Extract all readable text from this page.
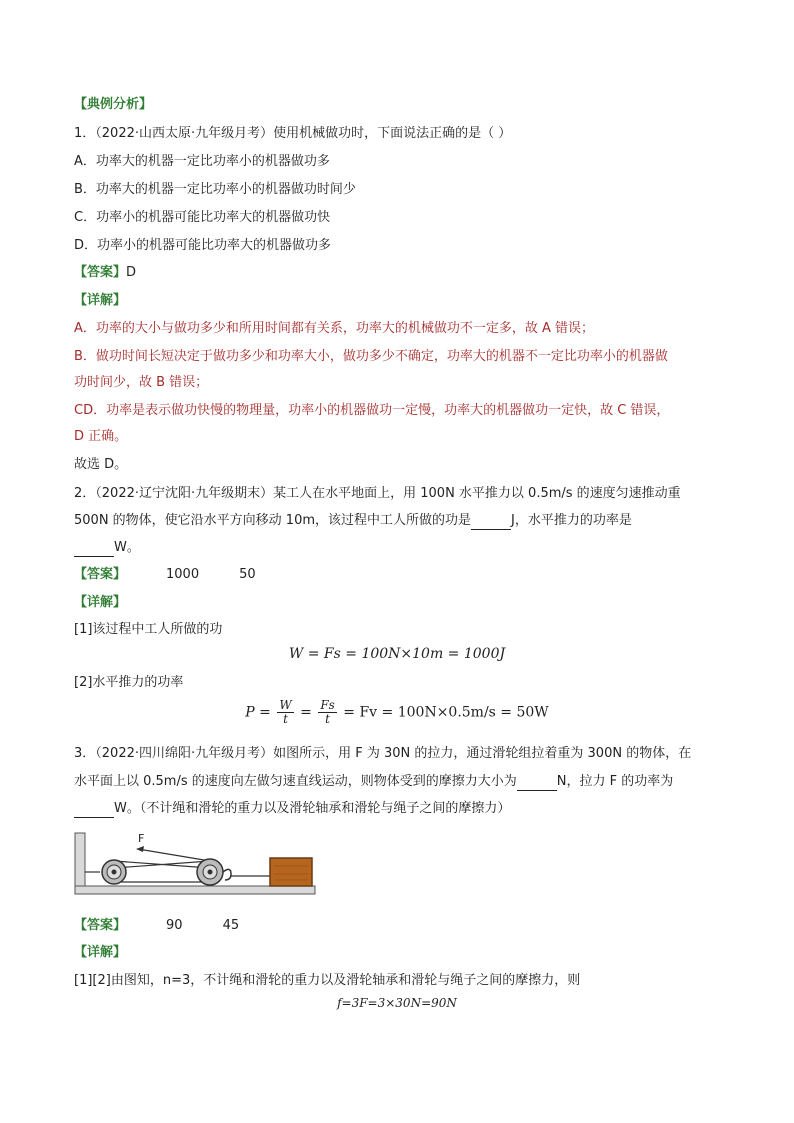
【典例分析】
1．（2022·山西太原·九年级月考）使用机械做功时，下面说法正确的是（ ）
A．功率大的机器一定比功率小的机器做功多
B．功率大的机器一定比功率小的机器做功时间少
C．功率小的机器可能比功率大的机器做功快
D．功率小的机器可能比功率大的机器做功多
【答案】D
【详解】
A．功率的大小与做功多少和所用时间都有关系，功率大的机械做功不一定多，故 A 错误；
B．做功时间长短决定于做功多少和功率大小，做功多少不确定，功率大的机器不一定比功率小的机器做
功时间少，故 B 错误；
CD．功率是表示做功快慢的物理量，功率小的机器做功一定慢，功率大的机器做功一定快，故 C 错误，
D 正确。
故选 D。
2．（2022·辽宁沈阳·九年级期末）某工人在水平地面上，用 100N 水平推力以 0.5m/s 的速度匀速推动重
500N 的物体，使它沿水平方向移动 10m，该过程中工人所做的功是	J，水平推力的功率是
W。
【答案】	1000	50
【详解】
[1]该过程中工人所做的功
W = Fs = 100N×10m = 1000J
[2]水平推力的功率
$P = \frac{W}{t} = \frac{Fs}{t} = Fv = 100N\times 0.5m/s = 50W$
3．（2022·四川绵阳·九年级月考）如图所示，用 F 为 30N 的拉力，通过滑轮组拉着重为 300N 的物体，在
水平面上以 0.5m/s 的速度向左做匀速直线运动，则物体受到的摩擦力大小为	N，拉力 F 的功率为
W。（不计绳和滑轮的重力以及滑轮轴承和滑轮与绳子之间的摩擦力）
F
【答案】	90	45
【详解】
[1][2]由图知，n=3，不计绳和滑轮的重力以及滑轮轴承和滑轮与绳子之间的摩擦力，则
f=3F=3×30N=90N
